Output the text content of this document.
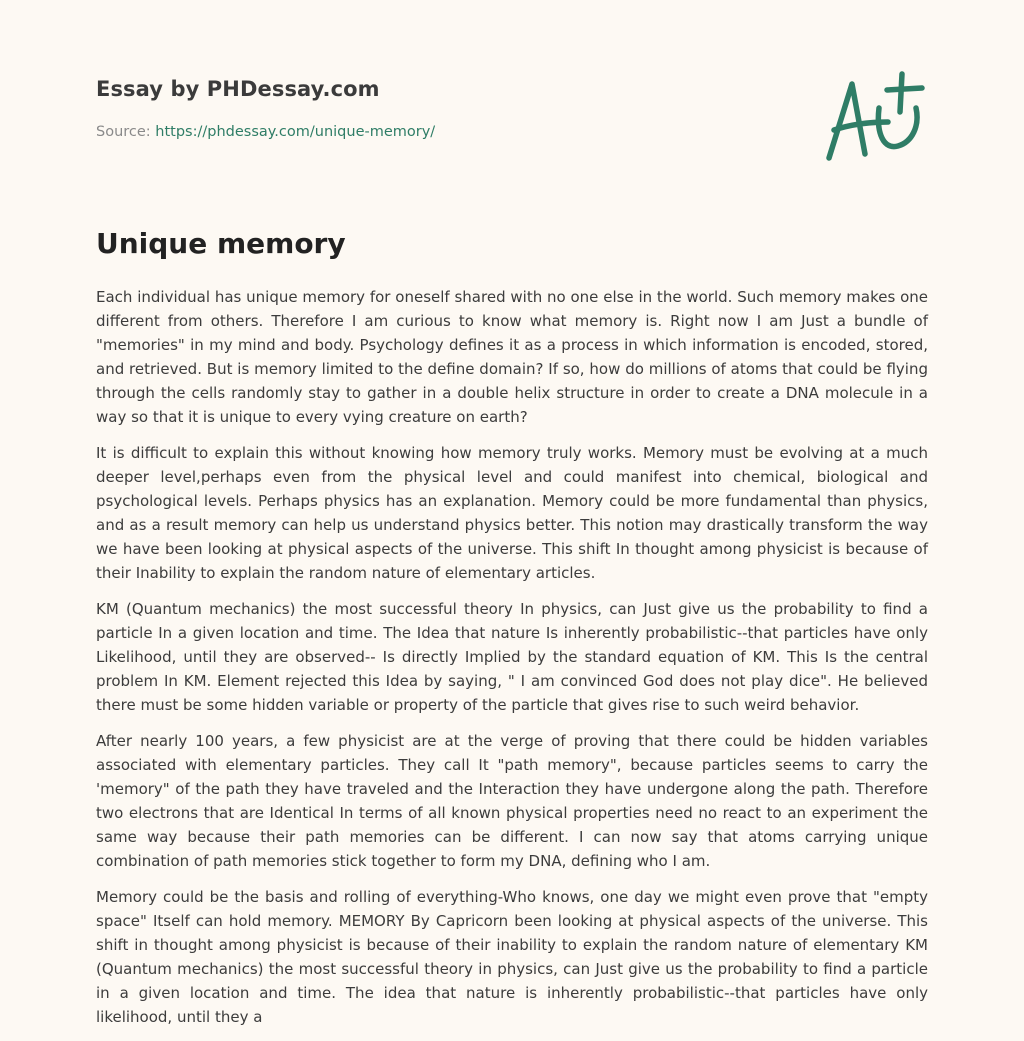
Essay by PHDessay.com
Source: https://phdessay.com/unique-memory/
Unique memory

Each individual has unique memory for oneself shared with no one else in the world. Such memory makes one different from others. Therefore I am curious to know what memory is. Right now I am Just a bundle of "memories" in my mind and body. Psychology defines it as a process in which information is encoded, stored, and retrieved. But is memory limited to the define domain? If so, how do millions of atoms that could be flying through the cells randomly stay to gather in a double helix structure in order to create a DNA molecule in a way so that it is unique to every vying creature on earth?

It is difficult to explain this without knowing how memory truly works. Memory must be evolving at a much deeper level,perhaps even from the physical level and could manifest into chemical, biological and psychological levels. Perhaps physics has an explanation. Memory could be more fundamental than physics, and as a result memory can help us understand physics better. This notion may drastically transform the way we have been looking at physical aspects of the universe. This shift In thought among physicist is because of their Inability to explain the random nature of elementary articles.

KM (Quantum mechanics) the most successful theory In physics, can Just give us the probability to find a particle In a given location and time. The Idea that nature Is inherently probabilistic--that particles have only Likelihood, until they are observed-- Is directly Implied by the standard equation of KM. This Is the central problem In KM. Element rejected this Idea by saying, " I am convinced God does not play dice". He believed there must be some hidden variable or property of the particle that gives rise to such weird behavior.

After nearly 100 years, a few physicist are at the verge of proving that there could be hidden variables associated with elementary particles. They call It "path memory", because particles seems to carry the 'memory" of the path they have traveled and the Interaction they have undergone along the path. Therefore two electrons that are Identical In terms of all known physical properties need no react to an experiment the same way because their path memories can be different. I can now say that atoms carrying unique combination of path memories stick together to form my DNA, defining who I am.

Memory could be the basis and rolling of everything-Who knows, one day we might even prove that "empty space" Itself can hold memory. MEMORY By Capricorn been looking at physical aspects of the universe. This shift in thought among physicist is because of their inability to explain the random nature of elementary KM (Quantum mechanics) the most successful theory in physics, can Just give us the probability to find a particle in a given location and time. The idea that nature is inherently probabilistic--that particles have only likelihood, until they a
